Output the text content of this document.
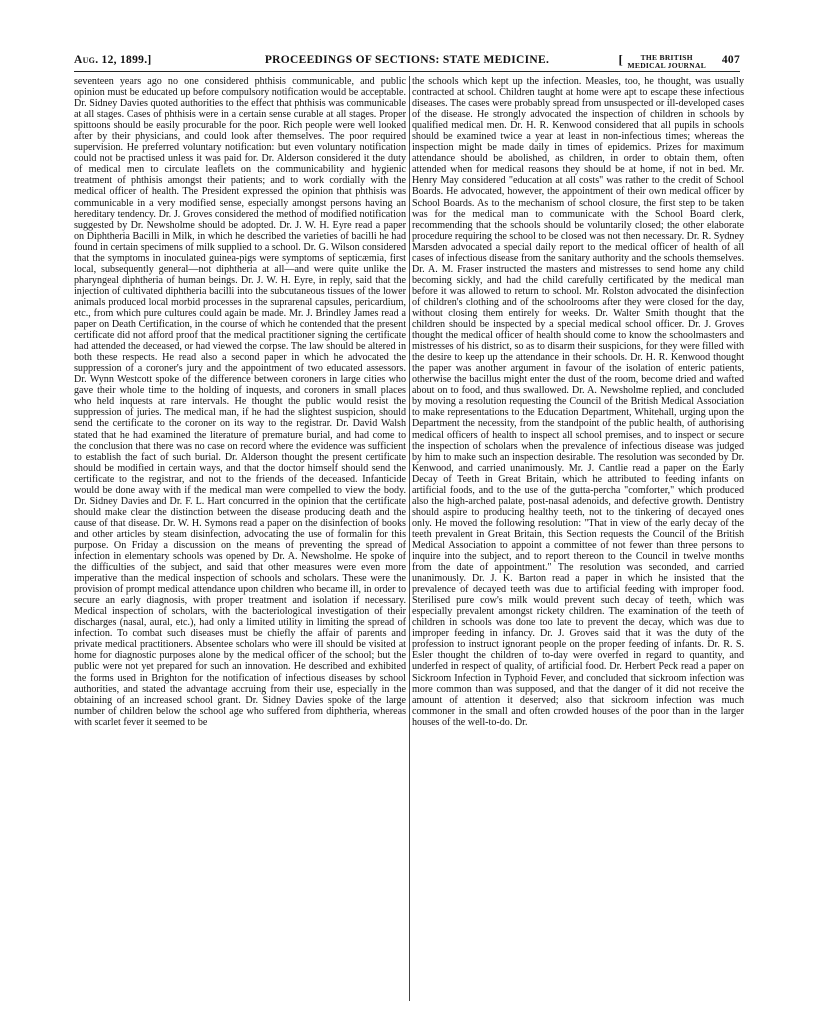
Aug. 12, 1899.]	PROCEEDINGS OF SECTIONS: STATE MEDICINE.	[ THE BRITISH
MEDICAL JOURNAL 407
seventeen years ago no one considered phthisis communicable, and public opinion must be educated up before compulsory notification would be acceptable. Dr. Sidney Davies quoted authorities to the effect that phthisis was communicable at all stages. Cases of phthisis were in a certain sense curable at all stages. Proper spittoons should be easily procurable for the poor. Rich people were well looked after by their physicians, and could look after themselves. The poor required supervision. He preferred voluntary notification: but even voluntary notification could not be practised unless it was paid for. Dr. Alderson considered it the duty of medical men to circulate leaflets on the communicability and hygienic treatment of phthisis amongst their patients; and to work cordially with the medical officer of health. The President expressed the opinion that phthisis was communicable in a very modified sense, especially amongst persons having an hereditary tendency. Dr. J. Groves considered the method of modified notification suggested by Dr. Newsholme should be adopted. Dr. J. W. H. Eyre read a paper on Diphtheria Bacilli in Milk, in which he described the varieties of bacilli he had found in certain specimens of milk supplied to a school. Dr. G. Wilson considered that the symptoms in inoculated guinea-pigs were symptoms of septicæmia, first local, subsequently general—not diphtheria at all—and were quite unlike the pharyngeal diphtheria of human beings. Dr. J. W. H. Eyre, in reply, said that the injection of cultivated diphtheria bacilli into the subcutaneous tissues of the lower animals produced local morbid processes in the suprarenal capsules, pericardium, etc., from which pure cultures could again be made. Mr. J. Brindley James read a paper on Death Certification, in the course of which he contended that the present certificate did not afford proof that the medical practitioner signing the certificate had attended the deceased, or had viewed the corpse. The law should be altered in both these respects. He read also a second paper in which he advocated the suppression of a coroner's jury and the appointment of two educated assessors. Dr. Wynn Westcott spoke of the difference between coroners in large cities who gave their whole time to the holding of inquests, and coroners in small places who held inquests at rare intervals. He thought the public would resist the suppression of juries. The medical man, if he had the slightest suspicion, should send the certificate to the coroner on its way to the registrar. Dr. David Walsh stated that he had examined the literature of premature burial, and had come to the conclusion that there was no case on record where the evidence was sufficient to establish the fact of such burial. Dr. Alderson thought the present certificate should be modified in certain ways, and that the doctor himself should send the certificate to the registrar, and not to the friends of the deceased. Infanticide would be done away with if the medical man were compelled to view the body. Dr. Sidney Davies and Dr. F. L. Hart concurred in the opinion that the certificate should make clear the distinction between the disease producing death and the cause of that disease. Dr. W. H. Symons read a paper on the disinfection of books and other articles by steam disinfection, advocating the use of formalin for this purpose. On Friday a discussion on the means of preventing the spread of infection in elementary schools was opened by Dr. A. Newsholme. He spoke of the difficulties of the subject, and said that other measures were even more imperative than the medical inspection of schools and scholars. These were the provision of prompt medical attendance upon children who became ill, in order to secure an early diagnosis, with proper treatment and isolation if necessary. Medical inspection of scholars, with the bacteriological investigation of their discharges (nasal, aural, etc.), had only a limited utility in limiting the spread of infection. To combat such diseases must be chiefly the affair of parents and private medical practitioners. Absentee scholars who were ill should be visited at home for diagnostic purposes alone by the medical officer of the school; but the public were not yet prepared for such an innovation. He described and exhibited the forms used in Brighton for the notification of infectious diseases by school authorities, and stated the advantage accruing from their use, especially in the obtaining of an increased school grant. Dr. Sidney Davies spoke of the large number of children below the school age who suffered from diphtheria, whereas with scarlet fever it seemed to be
the schools which kept up the infection. Measles, too, he thought, was usually contracted at school. Children taught at home were apt to escape these infectious diseases. The cases were probably spread from unsuspected or ill-developed cases of the disease. He strongly advocated the inspection of children in schools by qualified medical men. Dr. H. R. Kenwood considered that all pupils in schools should be examined twice a year at least in non-infectious times; whereas the inspection might be made daily in times of epidemics. Prizes for maximum attendance should be abolished, as children, in order to obtain them, often attended when for medical reasons they should be at home, if not in bed. Mr. Henry May considered "education at all costs" was rather to the credit of School Boards. He advocated, however, the appointment of their own medical officer by School Boards. As to the mechanism of school closure, the first step to be taken was for the medical man to communicate with the School Board clerk, recommending that the schools should be voluntarily closed; the other elaborate procedure requiring the school to be closed was not then necessary. Dr. R. Sydney Marsden advocated a special daily report to the medical officer of health of all cases of infectious disease from the sanitary authority and the schools themselves. Dr. A. M. Fraser instructed the masters and mistresses to send home any child becoming sickly, and had the child carefully certificated by the medical man before it was allowed to return to school. Mr. Rolston advocated the disinfection of children's clothing and of the schoolrooms after they were closed for the day, without closing them entirely for weeks. Dr. Walter Smith thought that the children should be inspected by a special medical school officer. Dr. J. Groves thought the medical officer of health should come to know the schoolmasters and mistresses of his district, so as to disarm their suspicions, for they were filled with the desire to keep up the attendance in their schools. Dr. H. R. Kenwood thought the paper was another argument in favour of the isolation of enteric patients, otherwise the bacillus might enter the dust of the room, become dried and wafted about on to food, and thus swallowed. Dr. A. Newsholme replied, and concluded by moving a resolution requesting the Council of the British Medical Association to make representations to the Education Department, Whitehall, urging upon the Department the necessity, from the standpoint of the public health, of authorising medical officers of health to inspect all school premises, and to inspect or secure the inspection of scholars when the prevalence of infectious disease was judged by him to make such an inspection desirable. The resolution was seconded by Dr. Kenwood, and carried unanimously. Mr. J. Cantlie read a paper on the Early Decay of Teeth in Great Britain, which he attributed to feeding infants on artificial foods, and to the use of the gutta-percha "comforter," which produced also the high-arched palate, post-nasal adenoids, and defective growth. Dentistry should aspire to producing healthy teeth, not to the tinkering of decayed ones only. He moved the following resolution: "That in view of the early decay of the teeth prevalent in Great Britain, this Section requests the Council of the British Medical Association to appoint a committee of not fewer than three persons to inquire into the subject, and to report thereon to the Council in twelve months from the date of appointment." The resolution was seconded, and carried unanimously. Dr. J. K. Barton read a paper in which he insisted that the prevalence of decayed teeth was due to artificial feeding with improper food. Sterilised pure cow's milk would prevent such decay of teeth, which was especially prevalent amongst rickety children. The examination of the teeth of children in schools was done too late to prevent the decay, which was due to improper feeding in infancy. Dr. J. Groves said that it was the duty of the profession to instruct ignorant people on the proper feeding of infants. Dr. R. S. Esler thought the children of to-day were overfed in regard to quantity, and underfed in respect of quality, of artificial food. Dr. Herbert Peck read a paper on Sickroom Infection in Typhoid Fever, and concluded that sickroom infection was more common than was supposed, and that the danger of it did not receive the amount of attention it deserved; also that sickroom infection was much commoner in the small and often crowded houses of the poor than in the larger houses of the well-to-do. Dr.
